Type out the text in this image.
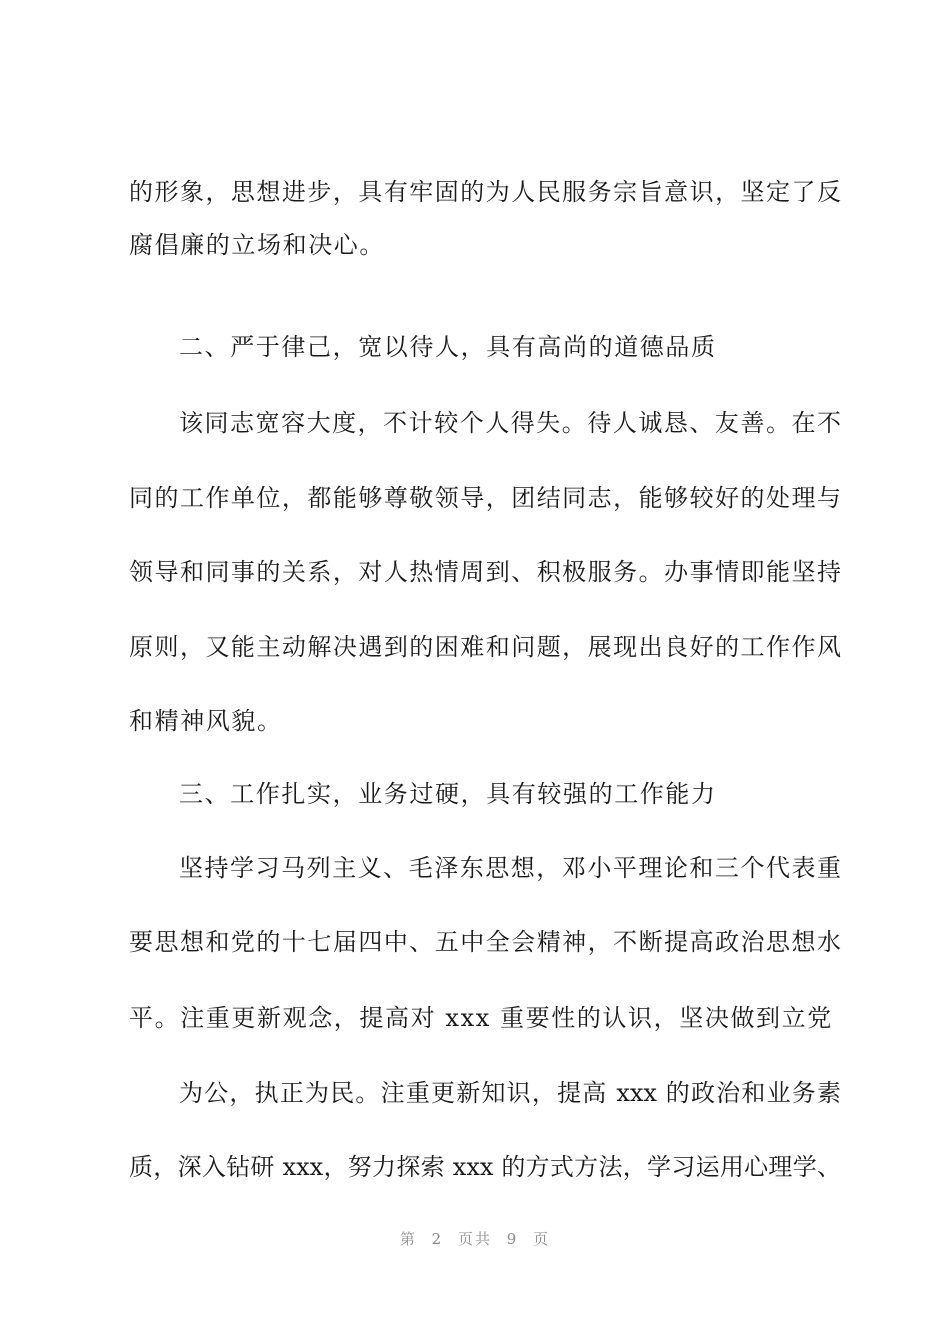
的形象，思想进步，具有牢固的为人民服务宗旨意识，坚定了反
腐倡廉的立场和决心。
二、严于律己，宽以待人，具有高尚的道德品质
该同志宽容大度，不计较个人得失。待人诚恳、友善。在不
同的工作单位，都能够尊敬领导，团结同志，能够较好的处理与
领导和同事的关系，对人热情周到、积极服务。办事情即能坚持
原则，又能主动解决遇到的困难和问题，展现出良好的工作作风
和精神风貌。
三、工作扎实，业务过硬，具有较强的工作能力
坚持学习马列主义、毛泽东思想，邓小平理论和三个代表重
要思想和党的十七届四中、五中全会精神，不断提高政治思想水
平。注重更新观念，提高对 xxx 重要性的认识，坚决做到立党
为公，执正为民。注重更新知识，提高 xxx 的政治和业务素
质，深入钻研 xxx，努力探索 xxx 的方式方法，学习运用心理学、
第 2 页共 9 页
